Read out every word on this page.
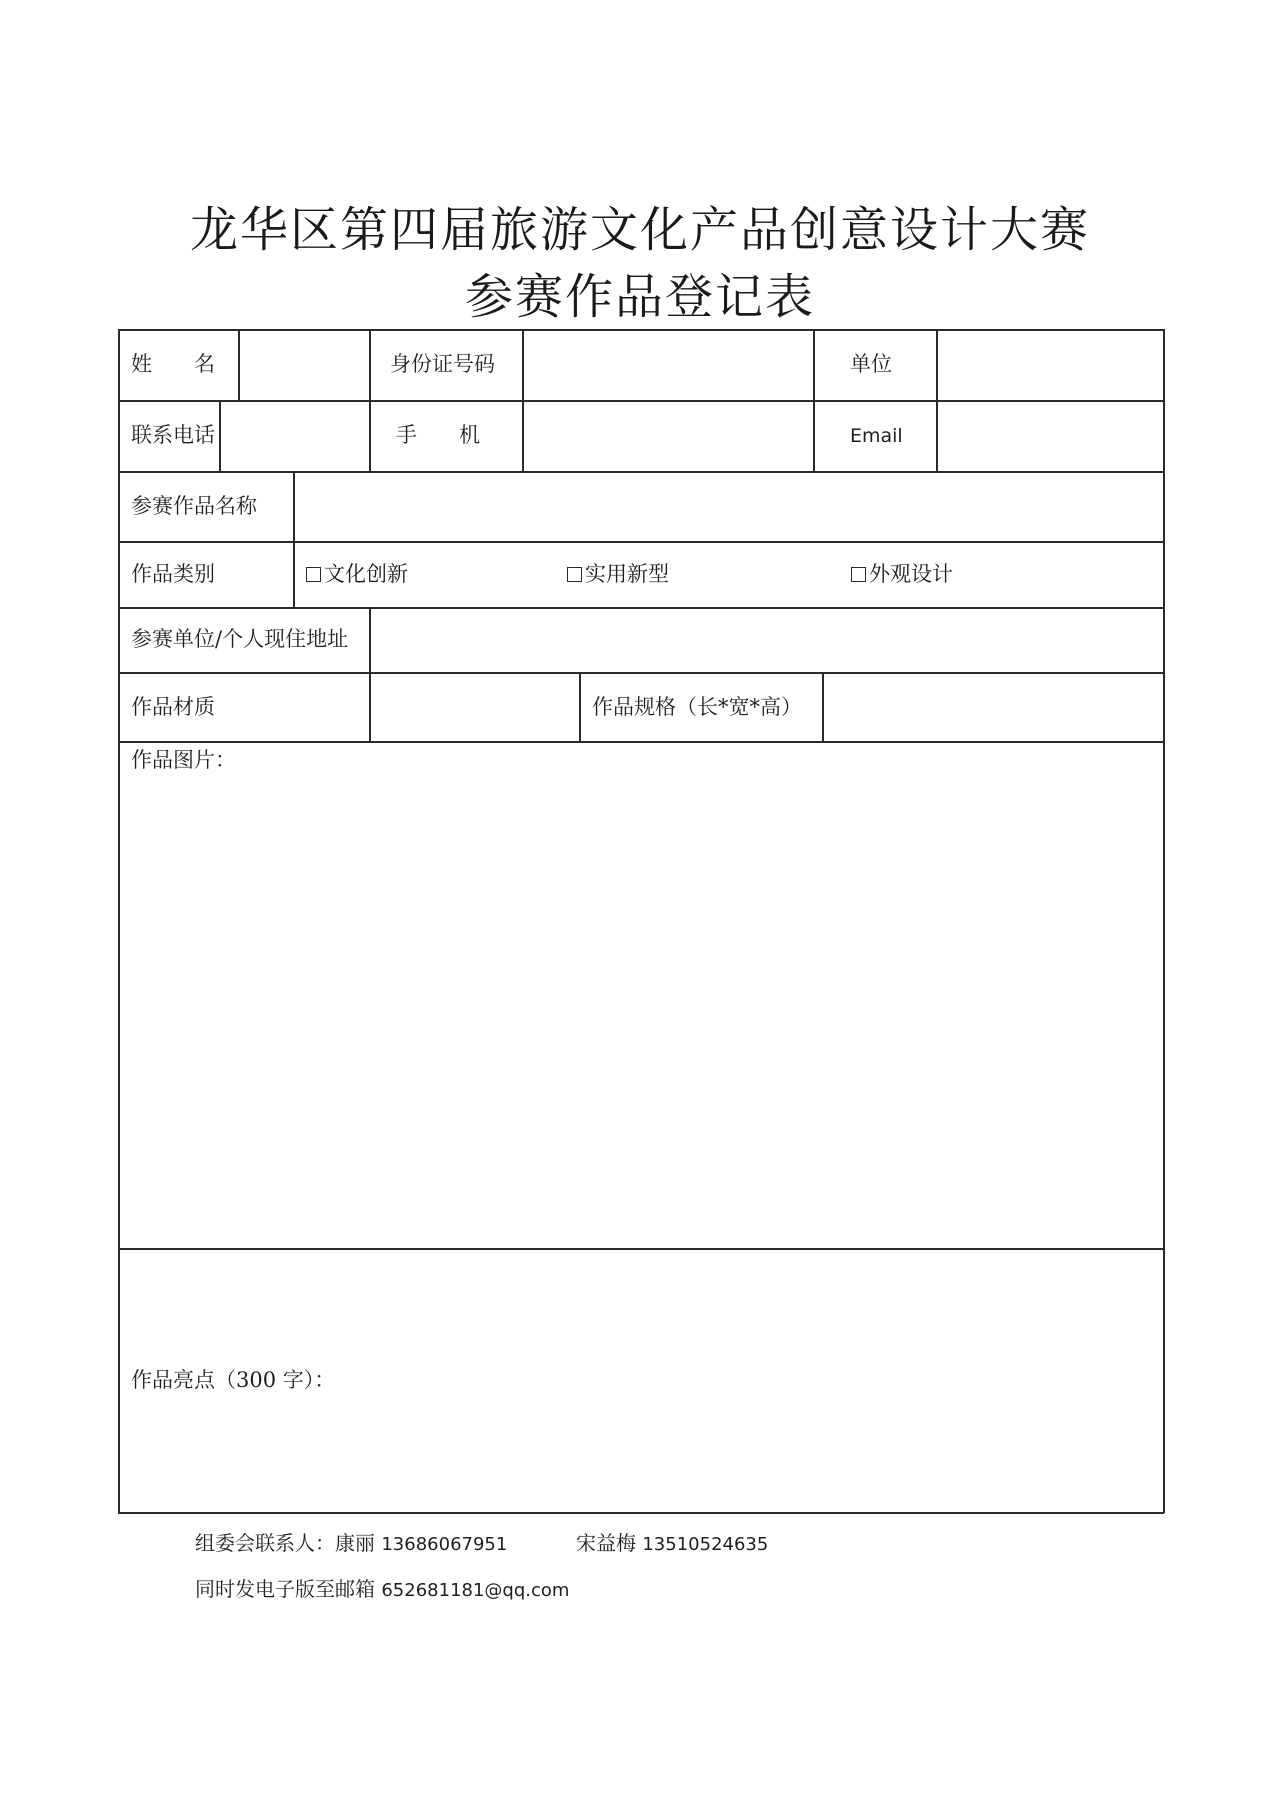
龙华区第四届旅游文化产品创意设计大赛
参赛作品登记表
姓　　名	身份证号码	单位
联系电话	手　　机	Email
参赛作品名称
作品类别	文化创新	实用新型	外观设计
参赛单位/个人现住地址
作品材质	作品规格（长*宽*高）
作品图片：
作品亮点（300 字）：
组委会联系人：康丽 13686067951	宋益梅 13510524635
同时发电子版至邮箱 652681181@qq.com
